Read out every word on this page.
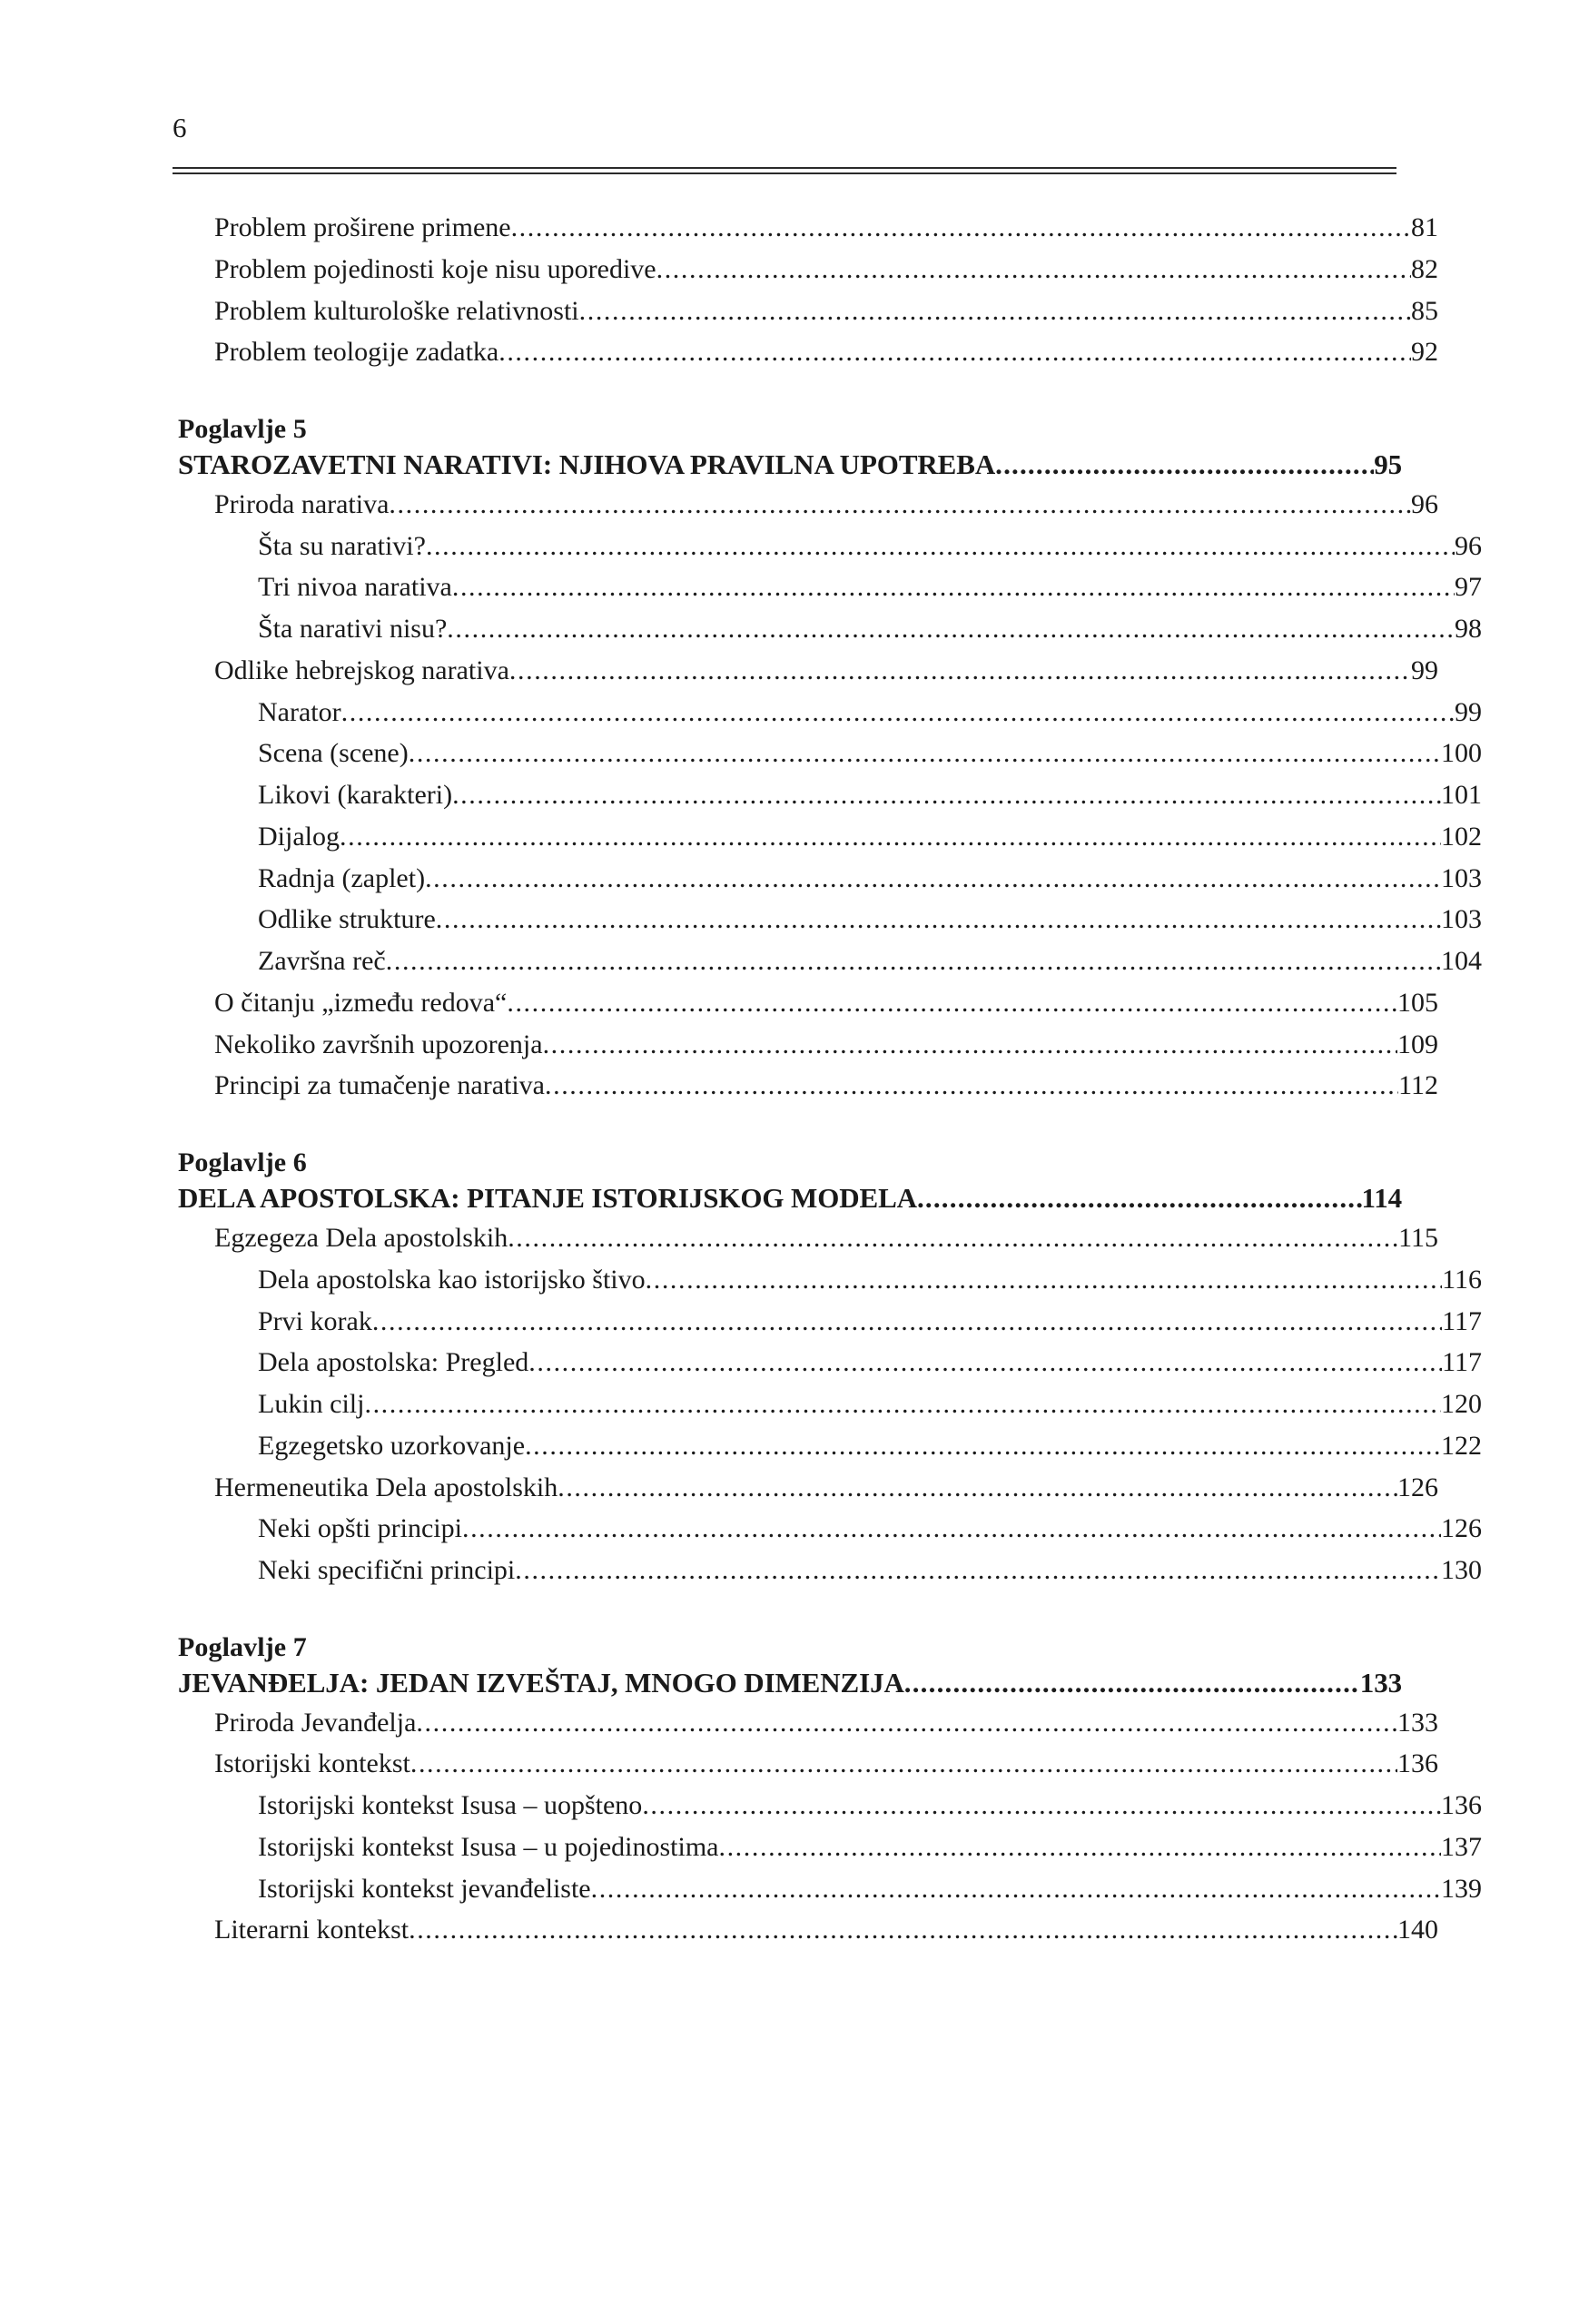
6
Problem proširene primene .....	81
Problem pojedinosti koje nisu uporedive .....	82
Problem kulturološke relativnosti .....	85
Problem teologije zadatka .....	92
Poglavlje 5
STAROZAVETNI NARATIVI: NJIHOVA PRAVILNA UPOTREBA .....	95
Priroda narativa .....	96
Šta su narativi? .....	96
Tri nivoa narativa .....	97
Šta narativi nisu? .....	98
Odlike hebrejskog narativa .....	99
Narator .....	99
Scena (scene) .....	100
Likovi (karakteri) .....	101
Dijalog .....	102
Radnja (zaplet) .....	103
Odlike strukture .....	103
Završna reč .....	104
O čitanju „između redova“ .....	105
Nekoliko završnih upozorenja .....	109
Principi za tumačenje narativa .....	112
Poglavlje 6
DELA APOSTOLSKA: PITANJE ISTORIJSKOG MODELA .....	114
Egzegeza Dela apostolskih .....	115
Dela apostolska kao istorijsko štivo .....	116
Prvi korak .....	117
Dela apostolska: Pregled .....	117
Lukin cilj .....	120
Egzegetsko uzorkovanje .....	122
Hermeneutika Dela apostolskih .....	126
Neki opšti principi .....	126
Neki specifični principi .....	130
Poglavlje 7
JEVANĐELJA: JEDAN IZVEŠTAJ, MNOGO DIMENZIJA .....	133
Priroda Jevanđelja .....	133
Istorijski kontekst .....	136
Istorijski kontekst Isusa – uopšteno .....	136
Istorijski kontekst Isusa – u pojedinostima .....	137
Istorijski kontekst jevanđeliste .....	139
Literarni kontekst .....	140
